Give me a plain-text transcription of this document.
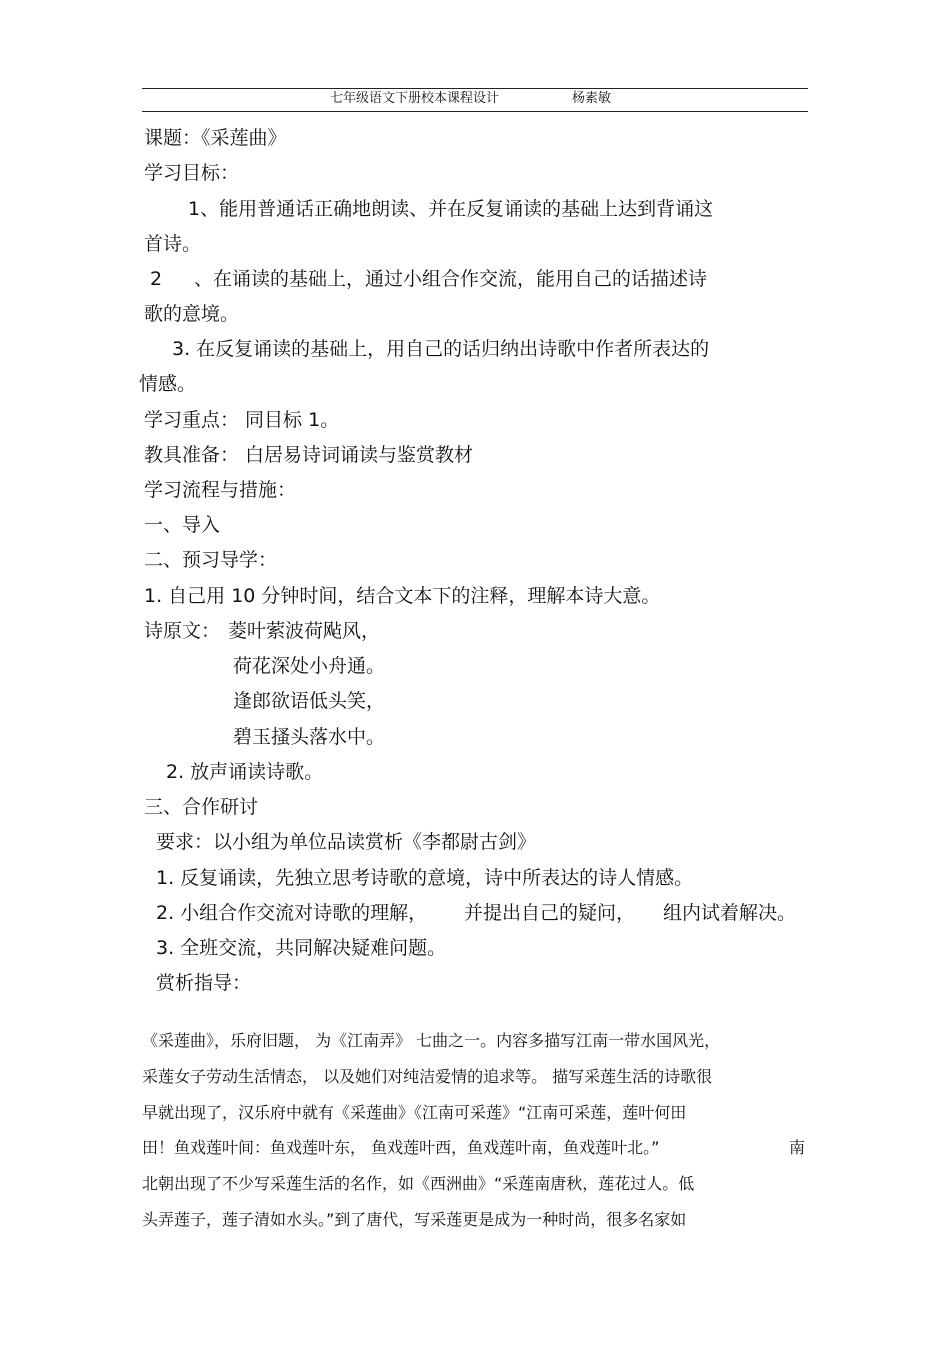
七年级语文下册校本课程设计	杨素敏
课题：《采莲曲》
学习目标：
1、能用普通话正确地朗读、并在反复诵读的基础上达到背诵这
首诗。
2 、在诵读的基础上，通过小组合作交流，能用自己的话描述诗
歌的意境。
3. 在反复诵读的基础上，用自己的话归纳出诗歌中作者所表达的
情感。
学习重点： 同目标 1。
教具准备： 白居易诗词诵读与鉴赏教材
学习流程与措施：
一、导入
二、预习导学：
1. 自己用 10 分钟时间，结合文本下的注释，理解本诗大意。
诗原文： 菱叶萦波荷飐风，
荷花深处小舟通。
逢郎欲语低头笑，
碧玉搔头落水中。
2. 放声诵读诗歌。
三、合作研讨
要求：以小组为单位品读赏析《李都尉古剑》
1. 反复诵读，先独立思考诗歌的意境，诗中所表达的诗人情感。
2. 小组合作交流对诗歌的理解， 并提出自己的疑问， 组内试着解决。
3. 全班交流，共同解决疑难问题。
赏析指导：
《采莲曲》，乐府旧题， 为《江南弄》 七曲之一。内容多描写江南一带水国风光，
采莲女子劳动生活情态， 以及她们对纯洁爱情的追求等。 描写采莲生活的诗歌很
早就出现了，汉乐府中就有《采莲曲》《江南可采莲》“江南可采莲，莲叶何田
田！鱼戏莲叶间：鱼戏莲叶东， 鱼戏莲叶西，鱼戏莲叶南，鱼戏莲叶北。”	南
北朝出现了不少写采莲生活的名作，如《西洲曲》“采莲南唐秋，莲花过人。低
头弄莲子，莲子清如水头。”到了唐代，写采莲更是成为一种时尚，很多名家如
